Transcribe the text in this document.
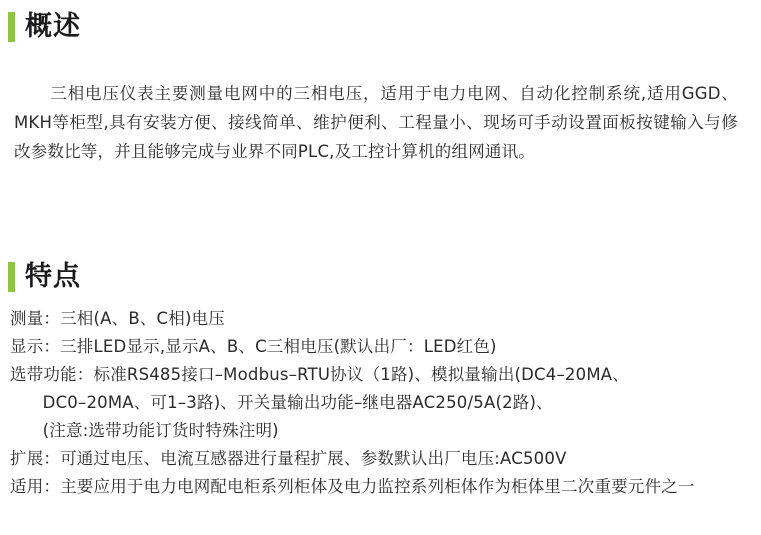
概述

三相电压仪表主要测量电网中的三相电压，适用于电力电网、自动化控制系统,适用GGD、MKH等柜型,具有安装方便、接线简单、维护便利、工程量小、现场可手动设置面板按键输入与修改参数比等，并且能够完成与业界不同PLC,及工控计算机的组网通讯。

特点
测量：三相(A、B、C相)电压
显示：三排LED显示,显示A、B、C三相电压(默认出厂：LED红色)
选带功能：标准RS485接口–Modbus–RTU协议（1路)、模拟量输出(DC4–20MA、
DC0–20MA、可1–3路)、开关量输出功能–继电器AC250/5A(2路)、
(注意:选带功能订货时特殊注明)
扩展：可通过电压、电流互感器进行量程扩展、参数默认出厂电压:AC500V
适用：主要应用于电力电网配电柜系列柜体及电力监控系列柜体作为柜体里二次重要元件之一
